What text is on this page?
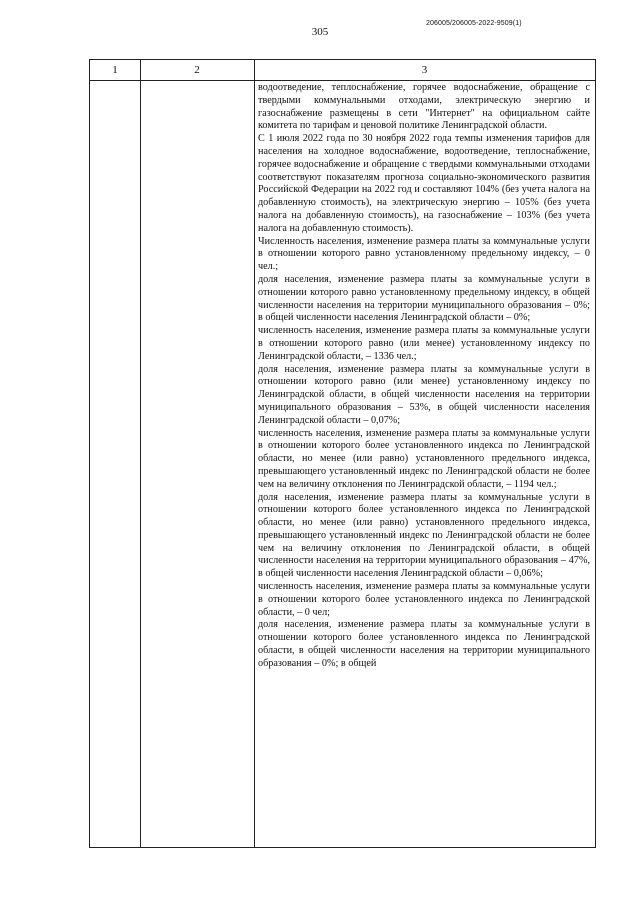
305
206005/206005-2022-9509(1)
1	2	3

водоотведение, теплоснабжение, горячее водоснабжение, обращение с твердыми коммунальными отходами, электрическую энергию и газоснабжение размещены в сети "Интернет" на официальном сайте комитета по тарифам и ценовой политике Ленинградской области.

С 1 июля 2022 года по 30 ноября 2022 года темпы изменения тарифов для населения на холодное водоснабжение, водоотведение, теплоснабжение, горячее водоснабжение и обращение с твердыми коммунальными отходами соответствуют показателям прогноза социально-экономического развития Российской Федерации на 2022 год и составляют 104% (без учета налога на добавленную стоимость), на электрическую энергию – 105% (без учета налога на добавленную стоимость), на газоснабжение – 103% (без учета налога на добавленную стоимость).

Численность населения, изменение размера платы за коммунальные услуги в отношении которого равно установленному предельному индексу, – 0 чел.;

доля населения, изменение размера платы за коммунальные услуги в отношении которого равно установленному предельному индексу, в общей численности населения на территории муниципального образования – 0%; в общей численности населения Ленинградской области – 0%;

численность населения, изменение размера платы за коммунальные услуги в отношении которого равно (или менее) установленному индексу по Ленинградской области, – 1336 чел.;

доля населения, изменение размера платы за коммунальные услуги в отношении которого равно (или менее) установленному индексу по Ленинградской области, в общей численности населения на территории муниципального образования – 53%, в общей численности населения Ленинградской области – 0,07%;

численность населения, изменение размера платы за коммунальные услуги в отношении которого более установленного индекса по Ленинградской области, но менее (или равно) установленного предельного индекса, превышающего установленный индекс по Ленинградской области не более чем на величину отклонения по Ленинградской области, – 1194 чел.;

доля населения, изменение размера платы за коммунальные услуги в отношении которого более установленного индекса по Ленинградской области, но менее (или равно) установленного предельного индекса, превышающего установленный индекс по Ленинградской области не более чем на величину отклонения по Ленинградской области, в общей численности населения на территории муниципального образования – 47%, в общей численности населения Ленинградской области – 0,06%;

численность населения, изменение размера платы за коммунальные услуги в отношении которого более установленного индекса по Ленинградской области, – 0 чел;

доля населения, изменение размера платы за коммунальные услуги в отношении которого более установленного индекса по Ленинградской области, в общей численности населения на территории муниципального образования – 0%; в общей
